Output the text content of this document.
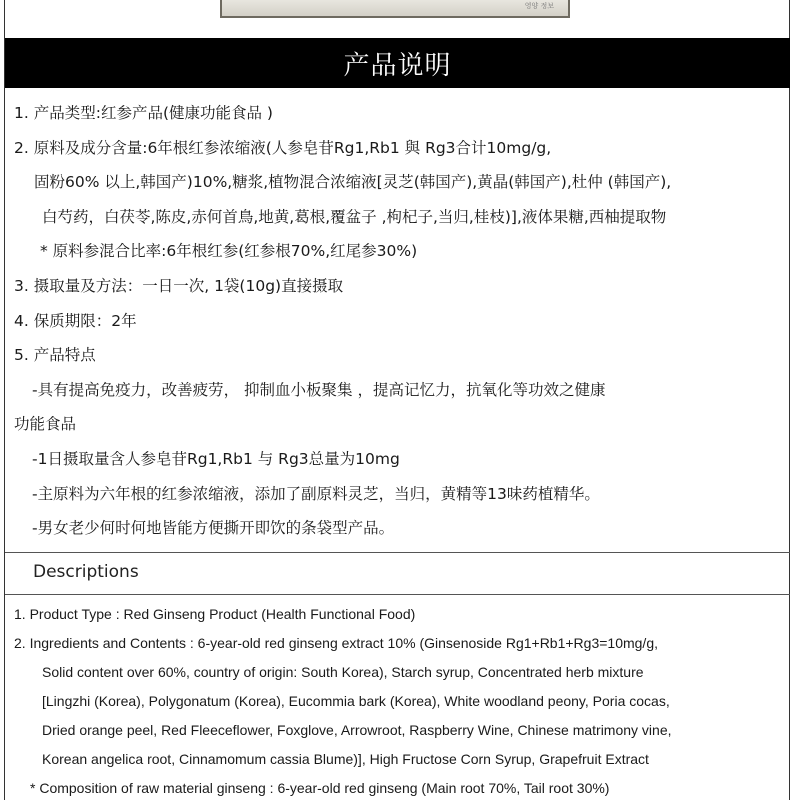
영양 정보
产品说明
1. 产品类型:红参产品(健康功能食品 )
2. 原料及成分含量:6年根红参浓缩液(人参皂苷Rg1,Rb1 與 Rg3合计10mg/g,
固粉60% 以上,韩国产)10%,糖浆,植物混合浓缩液[灵芝(韩国产),黄晶(韩国产),杜仲 (韩国产),
白芍药，白茯苓,陈皮,赤何首鳥,地黄,葛根,覆盆子 ,枸杞子,当归,桂枝)],液体果糖,西柚提取物
* 原料参混合比率:6年根红参(红参根70%,红尾参30%)
3. 摄取量及方法：一日一次, 1袋(10g)直接摄取
4. 保质期限：2年
5. 产品特点
-具有提高免疫力，改善疲劳， 抑制血小板聚集 ，提高记忆力，抗氧化等功效之健康
功能食品
-1日摄取量含人参皂苷Rg1,Rb1 与 Rg3总量为10mg
-主原料为六年根的红参浓缩液，添加了副原料灵芝，当归，黄精等13味药植精华。
-男女老少何时何地皆能方便撕开即饮的条袋型产品。
Descriptions
1. Product Type : Red Ginseng Product (Health Functional Food)
2. Ingredients and Contents : 6-year-old red ginseng extract 10% (Ginsenoside Rg1+Rb1+Rg3=10mg/g,
Solid content over 60%, country of origin: South Korea), Starch syrup, Concentrated herb mixture
[Lingzhi (Korea), Polygonatum (Korea), Eucommia bark (Korea), White woodland peony, Poria cocas,
Dried orange peel, Red Fleeceflower, Foxglove, Arrowroot, Raspberry Wine, Chinese matrimony vine,
Korean angelica root, Cinnamomum cassia Blume)], High Fructose Corn Syrup, Grapefruit Extract
* Composition of raw material ginseng : 6-year-old red ginseng (Main root 70%, Tail root 30%)
